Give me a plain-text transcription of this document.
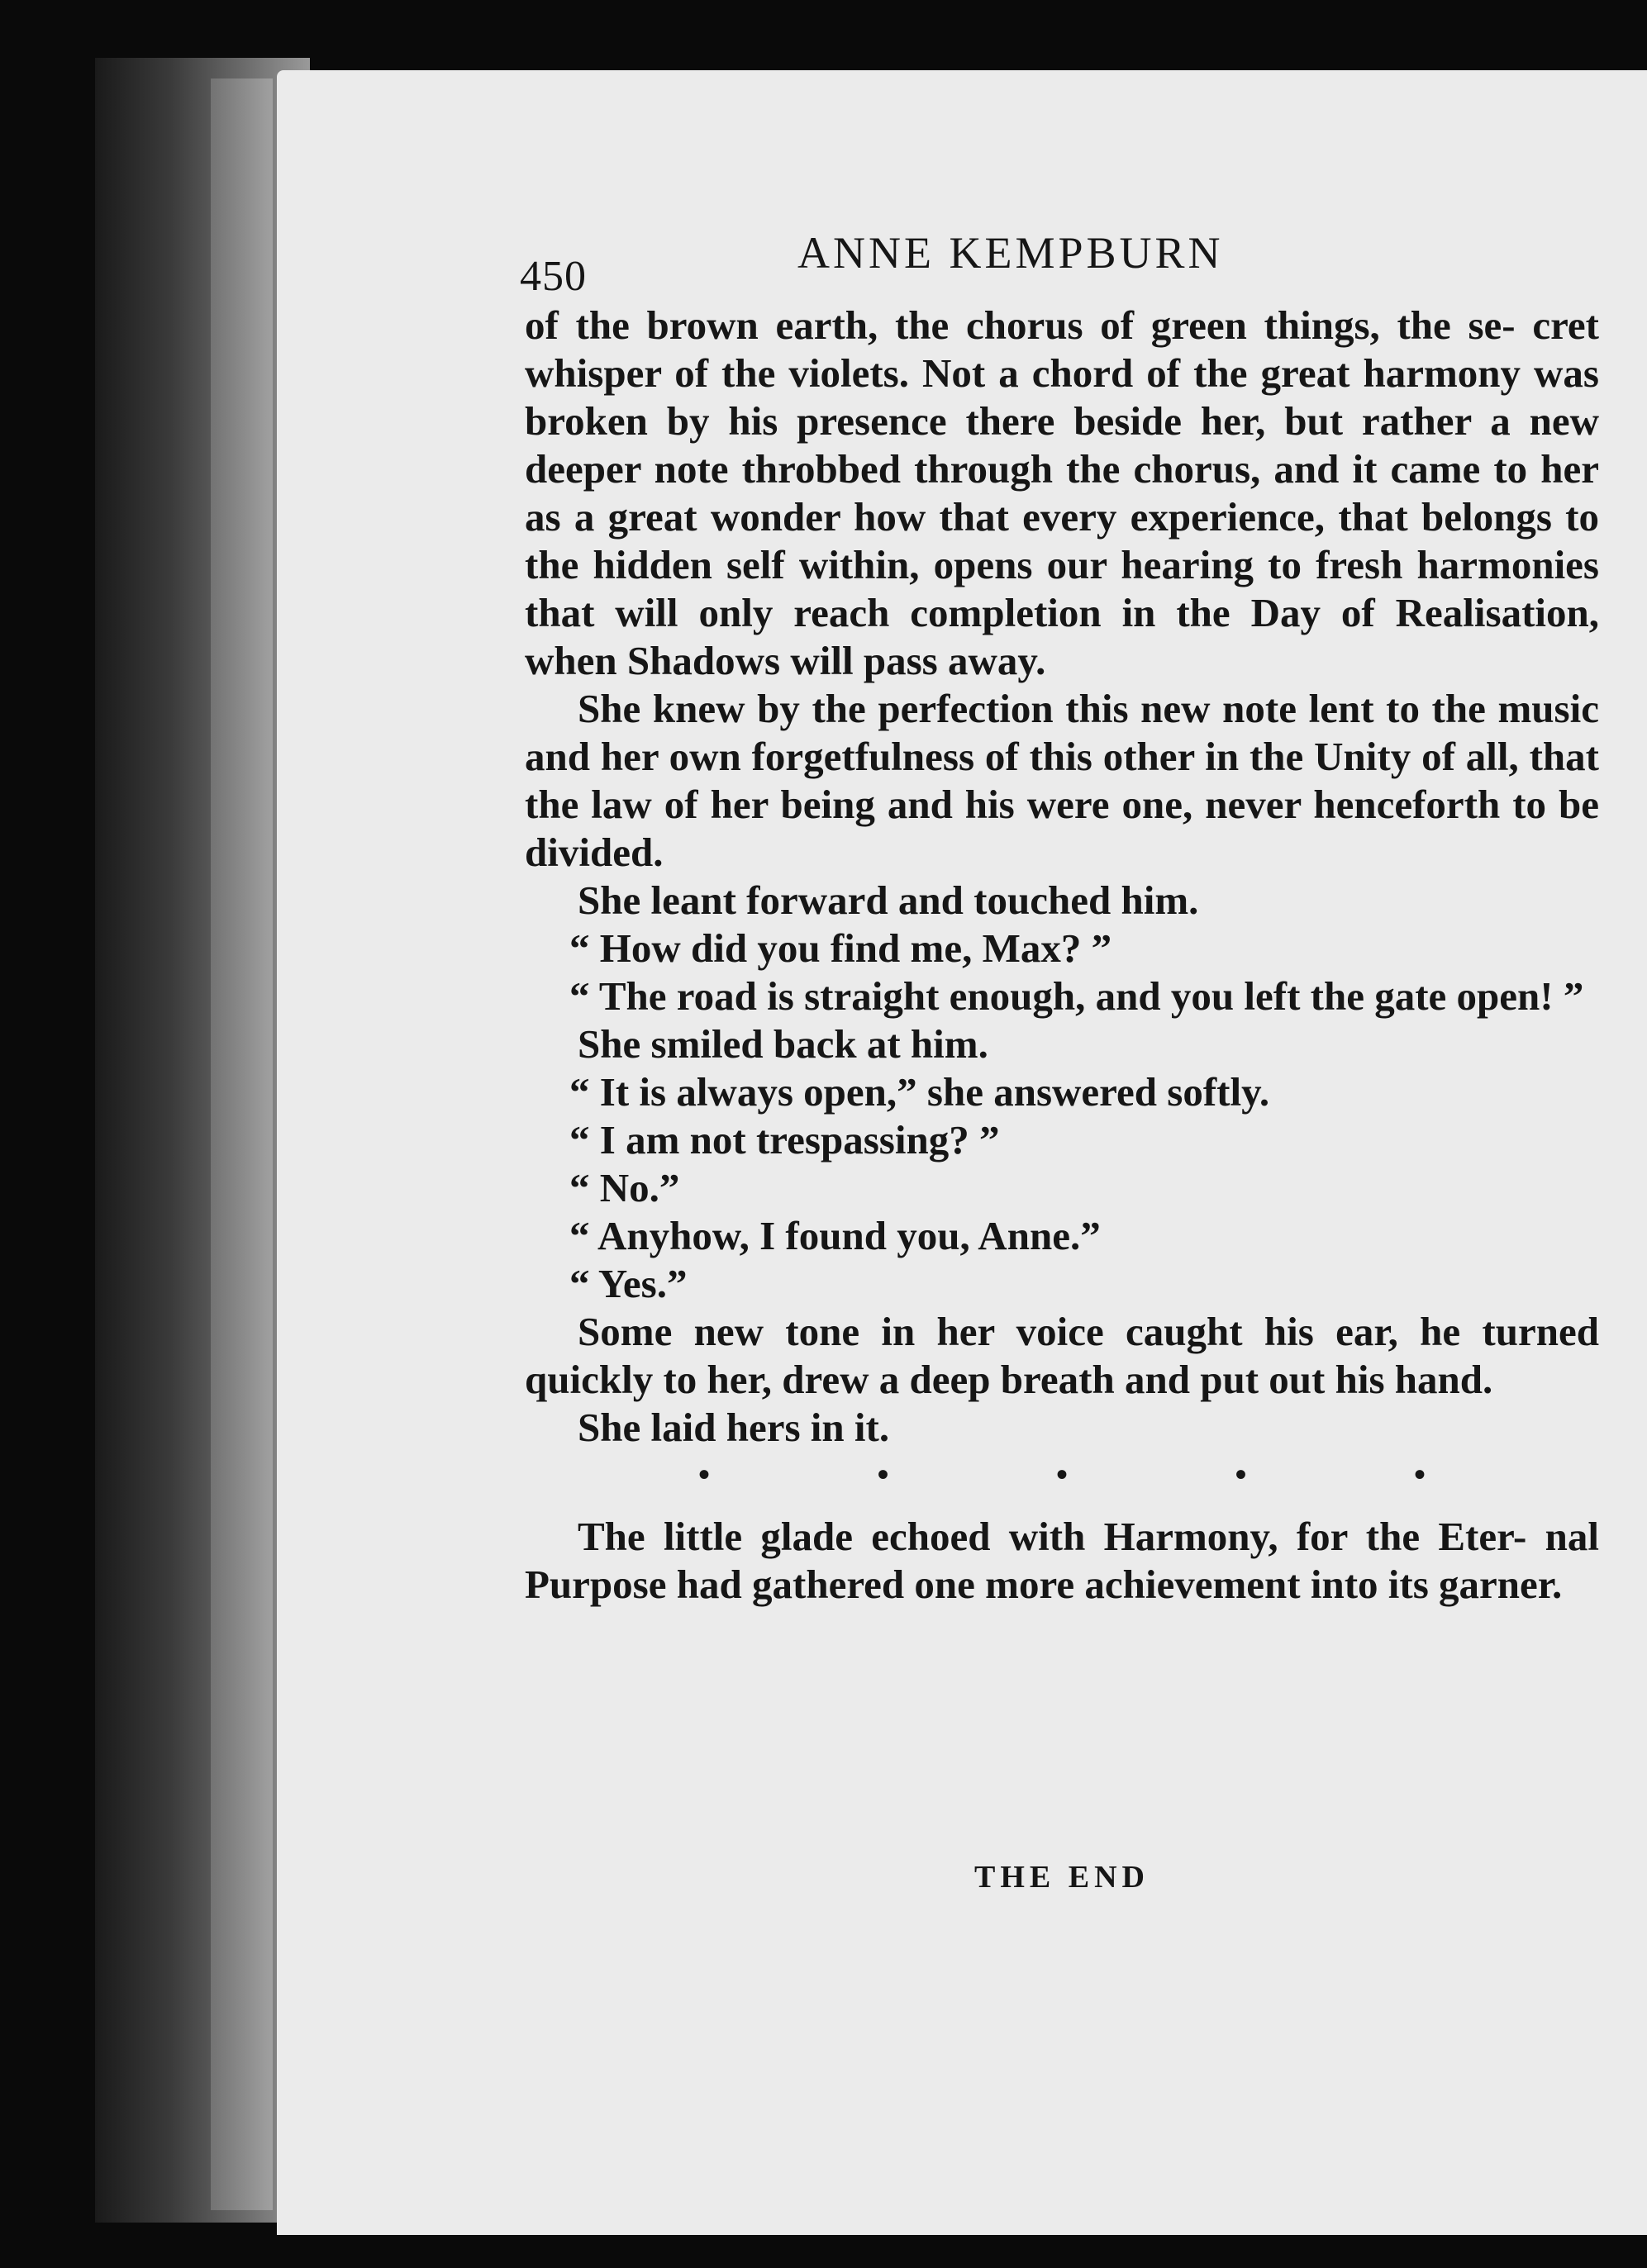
450	ANNE KEMPBURN

of the brown earth, the chorus of green things, the se- cret whisper of the violets. Not a chord of the great harmony was broken by his presence there beside her, but rather a new deeper note throbbed through the chorus, and it came to her as a great wonder how that every experience, that belongs to the hidden self within, opens our hearing to fresh harmonies that will only reach completion in the Day of Realisation, when Shadows will pass away.

She knew by the perfection this new note lent to the music and her own forgetfulness of this other in the Unity of all, that the law of her being and his were one, never henceforth to be divided.

She leant forward and touched him.

“ How did you find me, Max? ”

“ The road is straight enough, and you left the gate open! ”

She smiled back at him.

“ It is always open,” she answered softly.

“ I am not trespassing? ”

“ No.”

“ Anyhow, I found you, Anne.”

“ Yes.”

Some new tone in her voice caught his ear, he turned quickly to her, drew a deep breath and put out his hand.

She laid hers in it.

•	•	•	•	•

The little glade echoed with Harmony, for the Eter- nal Purpose had gathered one more achievement into its garner.

THE END
